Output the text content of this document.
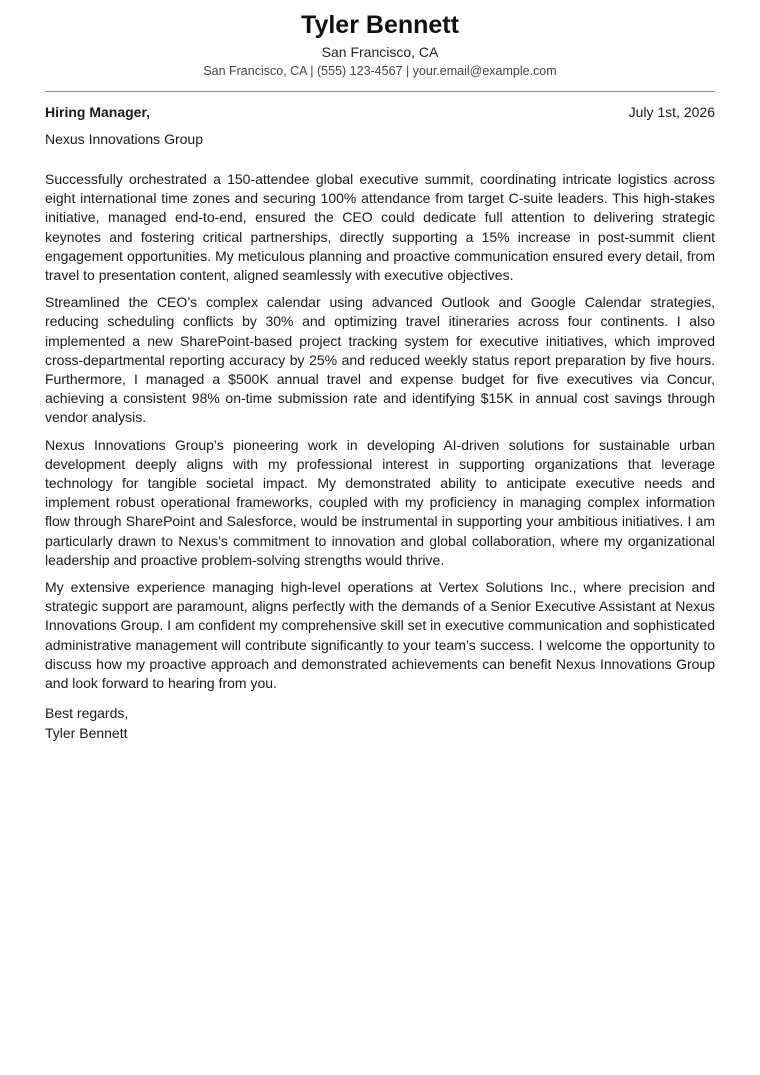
Tyler Bennett
San Francisco, CA
San Francisco, CA | (555) 123-4567 | your.email@example.com
Hiring Manager,	July 1st, 2026
Nexus Innovations Group

Successfully orchestrated a 150-attendee global executive summit, coordinating intricate logistics across eight international time zones and securing 100% attendance from target C-suite leaders. This high-stakes initiative, managed end-to-end, ensured the CEO could dedicate full attention to delivering strategic keynotes and fostering critical partnerships, directly supporting a 15% increase in post-summit client engagement opportunities. My meticulous planning and proactive communication ensured every detail, from travel to presentation content, aligned seamlessly with executive objectives.

Streamlined the CEO’s complex calendar using advanced Outlook and Google Calendar strategies, reducing scheduling conflicts by 30% and optimizing travel itineraries across four continents. I also implemented a new SharePoint-based project tracking system for executive initiatives, which improved cross-departmental reporting accuracy by 25% and reduced weekly status report preparation by five hours. Furthermore, I managed a $500K annual travel and expense budget for five executives via Concur, achieving a consistent 98% on-time submission rate and identifying $15K in annual cost savings through vendor analysis.

Nexus Innovations Group’s pioneering work in developing AI-driven solutions for sustainable urban development deeply aligns with my professional interest in supporting organizations that leverage technology for tangible societal impact. My demonstrated ability to anticipate executive needs and implement robust operational frameworks, coupled with my proficiency in managing complex information flow through SharePoint and Salesforce, would be instrumental in supporting your ambitious initiatives. I am particularly drawn to Nexus’s commitment to innovation and global collaboration, where my organizational leadership and proactive problem-solving strengths would thrive.

My extensive experience managing high-level operations at Vertex Solutions Inc., where precision and strategic support are paramount, aligns perfectly with the demands of a Senior Executive Assistant at Nexus Innovations Group. I am confident my comprehensive skill set in executive communication and sophisticated administrative management will contribute significantly to your team’s success. I welcome the opportunity to discuss how my proactive approach and demonstrated achievements can benefit Nexus Innovations Group and look forward to hearing from you.

Best regards,
Tyler Bennett
